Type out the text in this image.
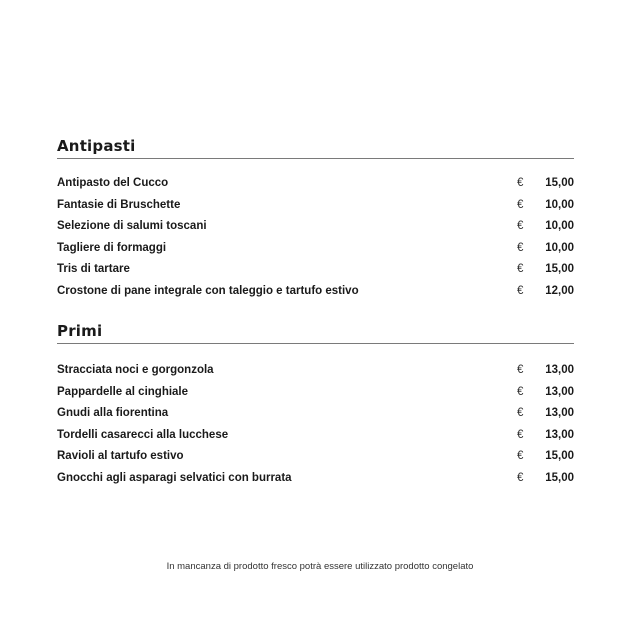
Antipasti
Antipasto del Cucco	€ 15,00
Fantasie di Bruschette	€ 10,00
Selezione di salumi toscani	€ 10,00
Tagliere di formaggi	€ 10,00
Tris di tartare	€ 15,00
Crostone di pane integrale con taleggio e tartufo estivo	€ 12,00
Primi
Stracciata noci e gorgonzola	€ 13,00
Pappardelle al cinghiale	€ 13,00
Gnudi alla fiorentina	€ 13,00
Tordelli casarecci alla lucchese	€ 13,00
Ravioli al tartufo estivo	€ 15,00
Gnocchi agli asparagi selvatici con burrata	€ 15,00
In mancanza di prodotto fresco potrà essere utilizzato prodotto congelato
